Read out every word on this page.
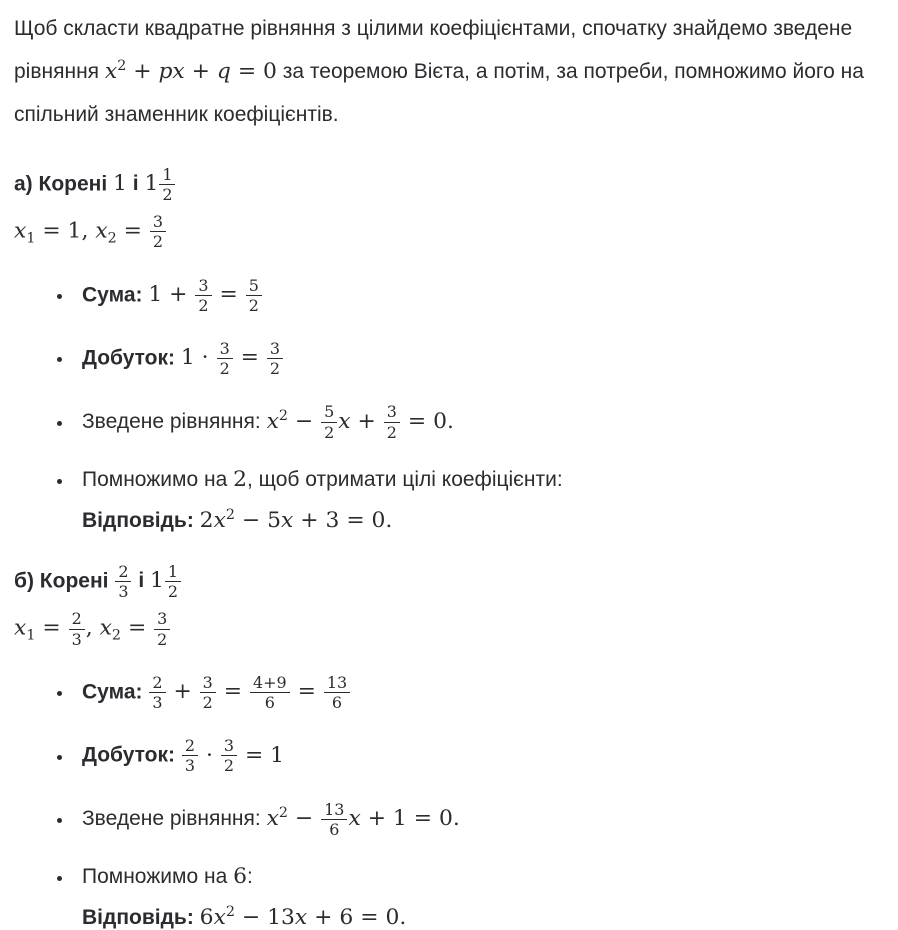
Щоб скласти квадратне рівняння з цілими коефіцієнтами, спочатку знайдемо зведене рівняння $x^2$ + px + q = 0 за теоремою Вієта, а потім, за потреби, помножимо його на спільний знаменник коефіцієнтів.

а) Корені 1 і $1 \frac{1}{2}$
$x_1 = 1$, $x_2 = \frac{3}{2}$
• Сума: $1 + \frac{3}{2} = \frac{5}{2}$
• Добуток: $1 \cdot \frac{3}{2} = \frac{3}{2}$
• Зведене рівняння: $x^2 - \frac{5}{2}$ $x + \frac{3}{2} = 0$.
• Помножимо на 2, щоб отримати цілі коефіцієнти:
Відповідь: $2x^2 - 5x + 3 = 0$.
б) Корені $\frac{2}{3}$ і $1 \frac{1}{2}$
$x_1 = \frac{2}{3}$ , $x_2 = \frac{3}{2}$
• Сума: $\frac{2}{3} + \frac{3}{2} = \frac{4+9}{6} = \frac{13}{6}$
• Добуток: $\frac{2}{3} \cdot \frac{3}{2} = 1$
• Зведене рівняння: $x^2 - \frac{13}{6}$ x + 1 = 0.
• Помножимо на 6:
Відповідь: $6x^2 - 13x + 6 = 0$.
